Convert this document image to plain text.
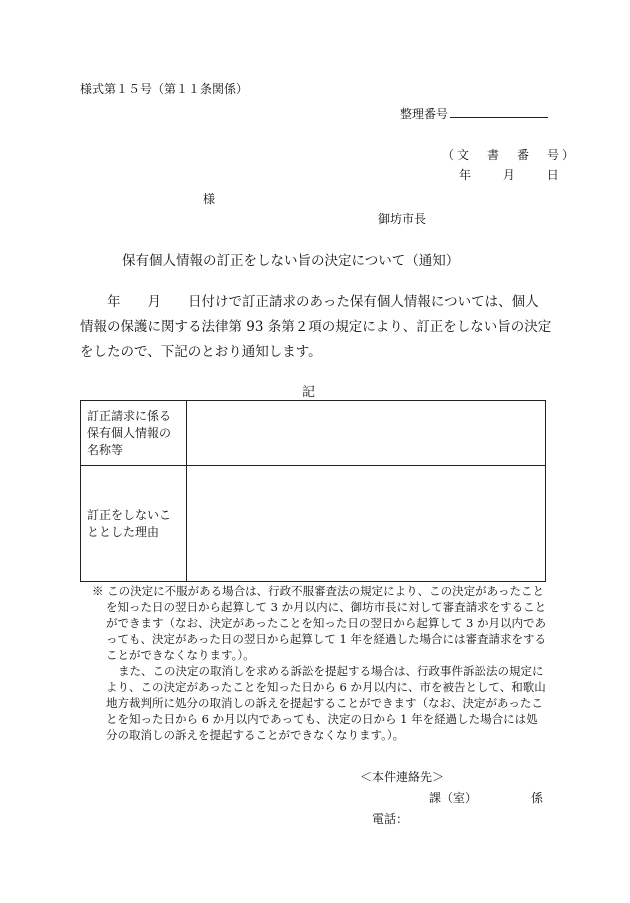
様式第１５号（第１１条関係）
整理番号
（文　書　番　号）
年	月	日
様
御坊市長
保有個人情報の訂正をしない旨の決定について（通知）
　　年　　月　　日付けで訂正請求のあった保有個人情報については、個人情報の保護に関する法律第 93 条第２項の規定により、訂正をしない旨の決定をしたので、下記のとおり通知します。
記
訂正請求に係る保有個人情報の名称等	
訂正をしないこととした理由	

※ この決定に不服がある場合は、行政不服審査法の規定により、この決定があったことを知った日の翌日から起算して 3 か月以内に、御坊市長に対して審査請求をすることができます（なお、決定があったことを知った日の翌日から起算して 3 か月以内であっても、決定があった日の翌日から起算して 1 年を経過した場合には審査請求をすることができなくなります。）。

また、この決定の取消しを求める訴訟を提起する場合は、行政事件訴訟法の規定により、この決定があったことを知った日から 6 か月以内に、市を被告として、和歌山地方裁判所に処分の取消しの訴えを提起することができます（なお、決定があったことを知った日から 6 か月以内であっても、決定の日から 1 年を経過した場合には処分の取消しの訴えを提起することができなくなります。）。

＜本件連絡先＞
課（室）	係
電話：
